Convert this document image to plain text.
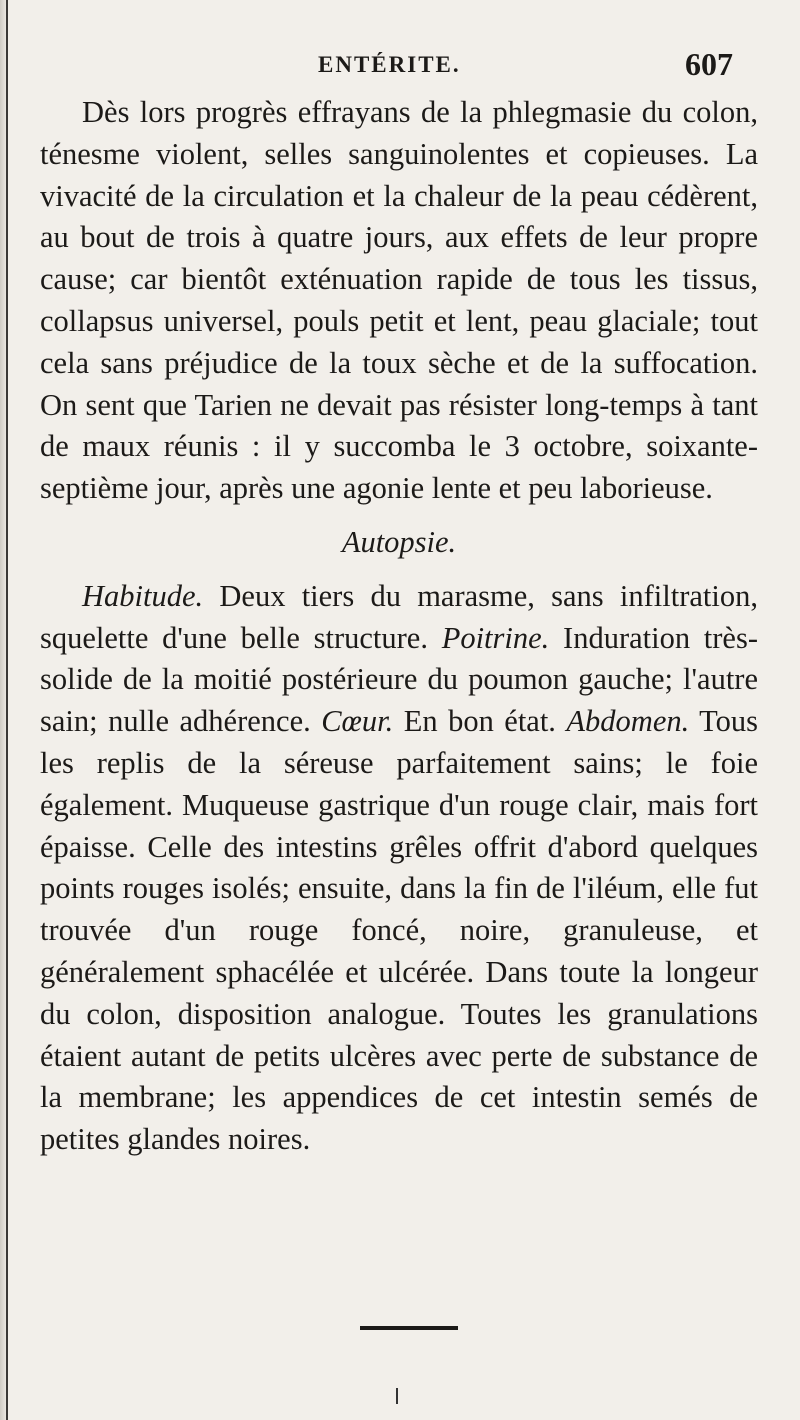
ENTÉRITE.	607

Dès lors progrès effrayans de la phlegmasie du colon, ténesme violent, selles sanguinolentes et copieuses. La vivacité de la circulation et la chaleur de la peau cédèrent, au bout de trois à quatre jours, aux effets de leur propre cause; car bientôt exténuation rapide de tous les tissus, collapsus universel, pouls petit et lent, peau glaciale; tout cela sans préjudice de la toux sèche et de la suffocation. On sent que Tarien ne devait pas résister long-temps à tant de maux réunis : il y succomba le 3 octobre, soixante-septième jour, après une agonie lente et peu laborieuse.

Autopsie.

Habitude. Deux tiers du marasme, sans infiltration, squelette d'une belle structure. Poitrine. Induration très-solide de la moitié postérieure du poumon gauche; l'autre sain; nulle adhérence. Cœur. En bon état. Abdomen. Tous les replis de la séreuse parfaitement sains; le foie également. Muqueuse gastrique d'un rouge clair, mais fort épaisse. Celle des intestins grêles offrit d'abord quelques points rouges isolés; ensuite, dans la fin de l'iléum, elle fut trouvée d'un rouge foncé, noire, granuleuse, et généralement sphacélée et ulcérée. Dans toute la longeur du colon, disposition analogue. Toutes les granulations étaient autant de petits ulcères avec perte de substance de la membrane; les appendices de cet intestin semés de petites glandes noires.
